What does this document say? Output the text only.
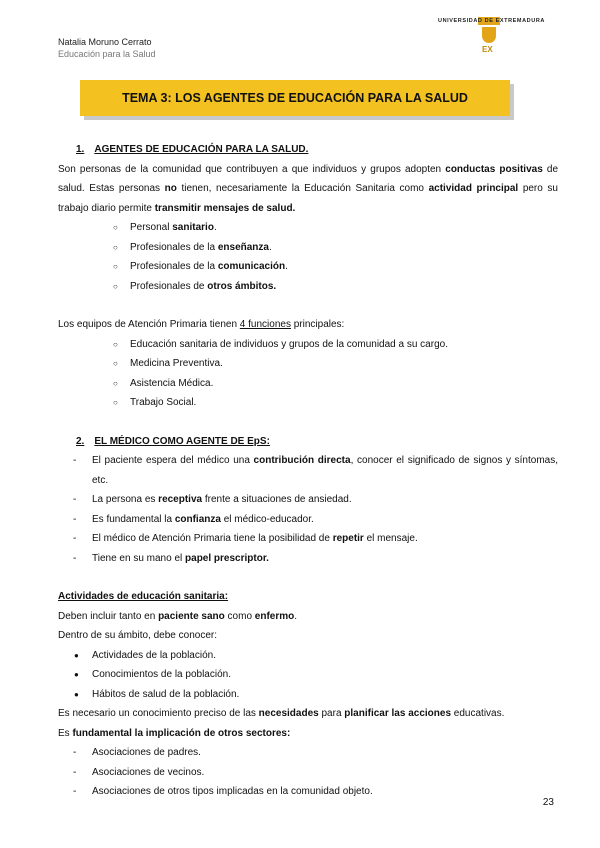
Natalia Moruno Cerrato
Educación para la Salud
UNIVERSIDAD DE EXTREMADURA
EX
TEMA 3: LOS AGENTES DE EDUCACIÓN PARA LA SALUD
1. AGENTES DE EDUCACIÓN PARA LA SALUD.

Son personas de la comunidad que contribuyen a que individuos y grupos adopten conductas positivas de salud. Estas personas no tienen, necesariamente la Educación Sanitaria como actividad principal pero su trabajo diario permite transmitir mensajes de salud.

○ Personal sanitario.
○ Profesionales de la enseñanza.
○ Profesionales de la comunicación.
○ Profesionales de otros ámbitos.

Los equipos de Atención Primaria tienen 4 funciones principales:

○ Educación sanitaria de individuos y grupos de la comunidad a su cargo.
○ Medicina Preventiva.
○ Asistencia Médica.
○ Trabajo Social.
2. EL MÉDICO COMO AGENTE DE EpS:
- El paciente espera del médico una contribución directa, conocer el significado de signos y síntomas, etc.
- La persona es receptiva frente a situaciones de ansiedad.
- Es fundamental la confianza el médico-educador.
- El médico de Atención Primaria tiene la posibilidad de repetir el mensaje.
- Tiene en su mano el papel prescriptor.
Actividades de educación sanitaria:

Deben incluir tanto en paciente sano como enfermo.

Dentro de su ámbito, debe conocer:

● Actividades de la población.
● Conocimientos de la población.
● Hábitos de salud de la población.

Es necesario un conocimiento preciso de las necesidades para planificar las acciones educativas.

Es fundamental la implicación de otros sectores:

- Asociaciones de padres.
- Asociaciones de vecinos.
- Asociaciones de otros tipos implicadas en la comunidad objeto.
23
